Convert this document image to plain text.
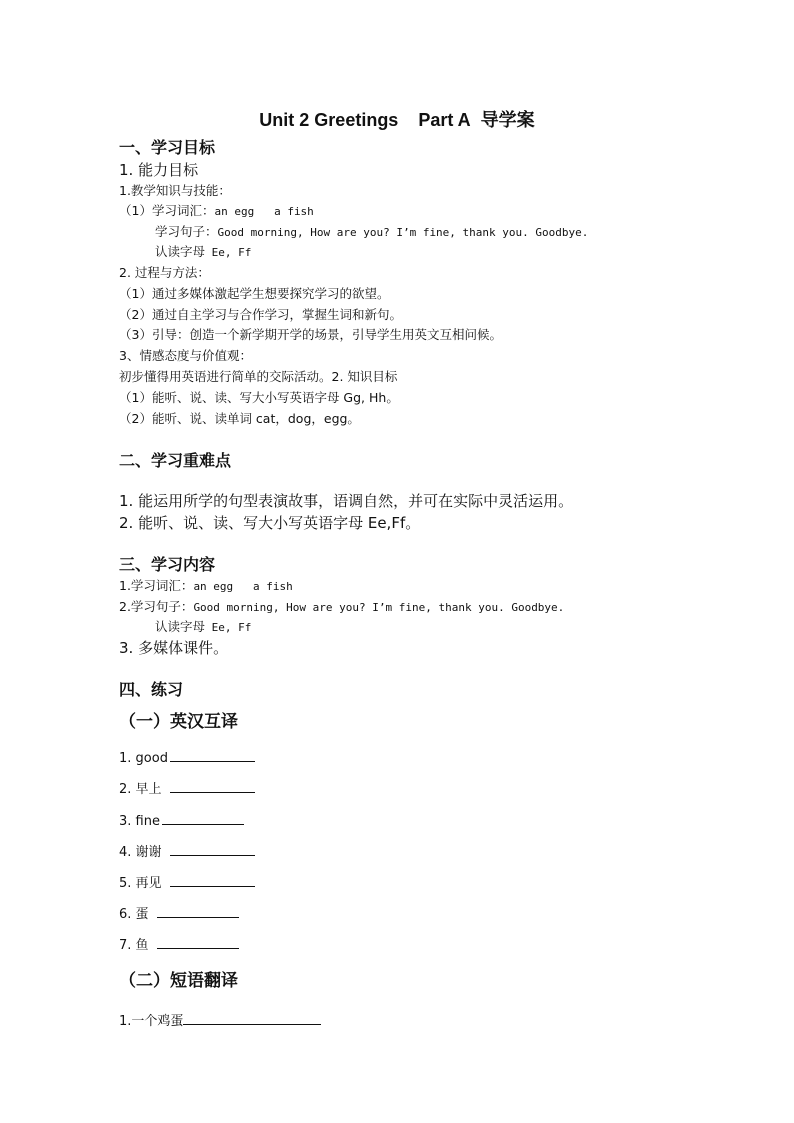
Unit 2 Greetings    Part A  导学案
一、学习目标
1. 能力目标
1.教学知识与技能：
（1）学习词汇：an egg   a fish
学习句子：Good morning, How are you? I’m fine, thank you. Goodbye.
认读字母 Ee, Ff
2. 过程与方法：
（1）通过多媒体激起学生想要探究学习的欲望。
（2）通过自主学习与合作学习，掌握生词和新句。
（3）引导：创造一个新学期开学的场景，引导学生用英文互相问候。
3、情感态度与价值观：
初步懂得用英语进行简单的交际活动。2. 知识目标
（1）能听、说、读、写大小写英语字母 Gg, Hh。
（2）能听、说、读单词 cat，dog，egg。
二、学习重难点
1. 能运用所学的句型表演故事，语调自然，并可在实际中灵活运用。
2. 能听、说、读、写大小写英语字母 Ee,Ff。
三、学习内容
1.学习词汇：an egg   a fish
2.学习句子：Good morning, How are you? I’m fine, thank you. Goodbye.
认读字母 Ee, Ff
3. 多媒体课件。
四、练习
（一）英汉互译
1. good
2. 早上
3. fine
4. 谢谢
5. 再见
6. 蛋
7. 鱼
（二）短语翻译
1.一个鸡蛋
